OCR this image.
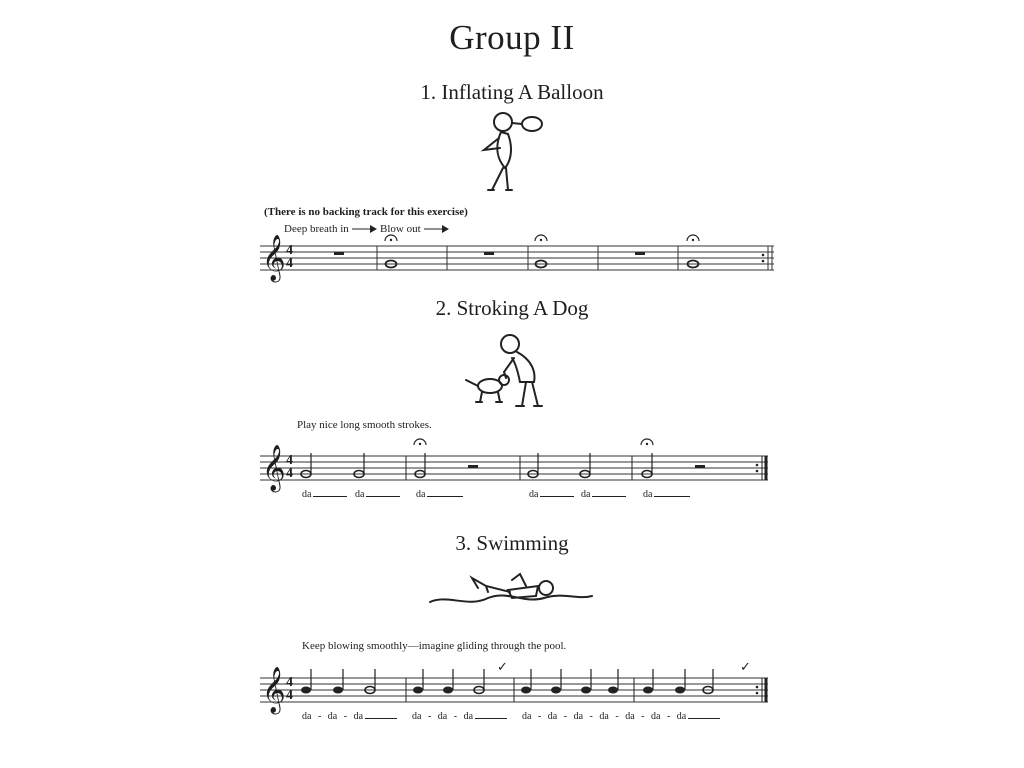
Group II
1. Inflating A Balloon
(There is no backing track for this exercise)
Deep breath in	Blow out
𝄞 4
4
2. Stroking A Dog
Play nice long smooth strokes.
𝄞 4
4
da	da	da	da	da	da
3. Swimming
Keep blowing smoothly—imagine gliding through the pool.
✓	✓
𝄞 4
4
da - da - da	da - da - da	da - da - da - da - da - da - da
